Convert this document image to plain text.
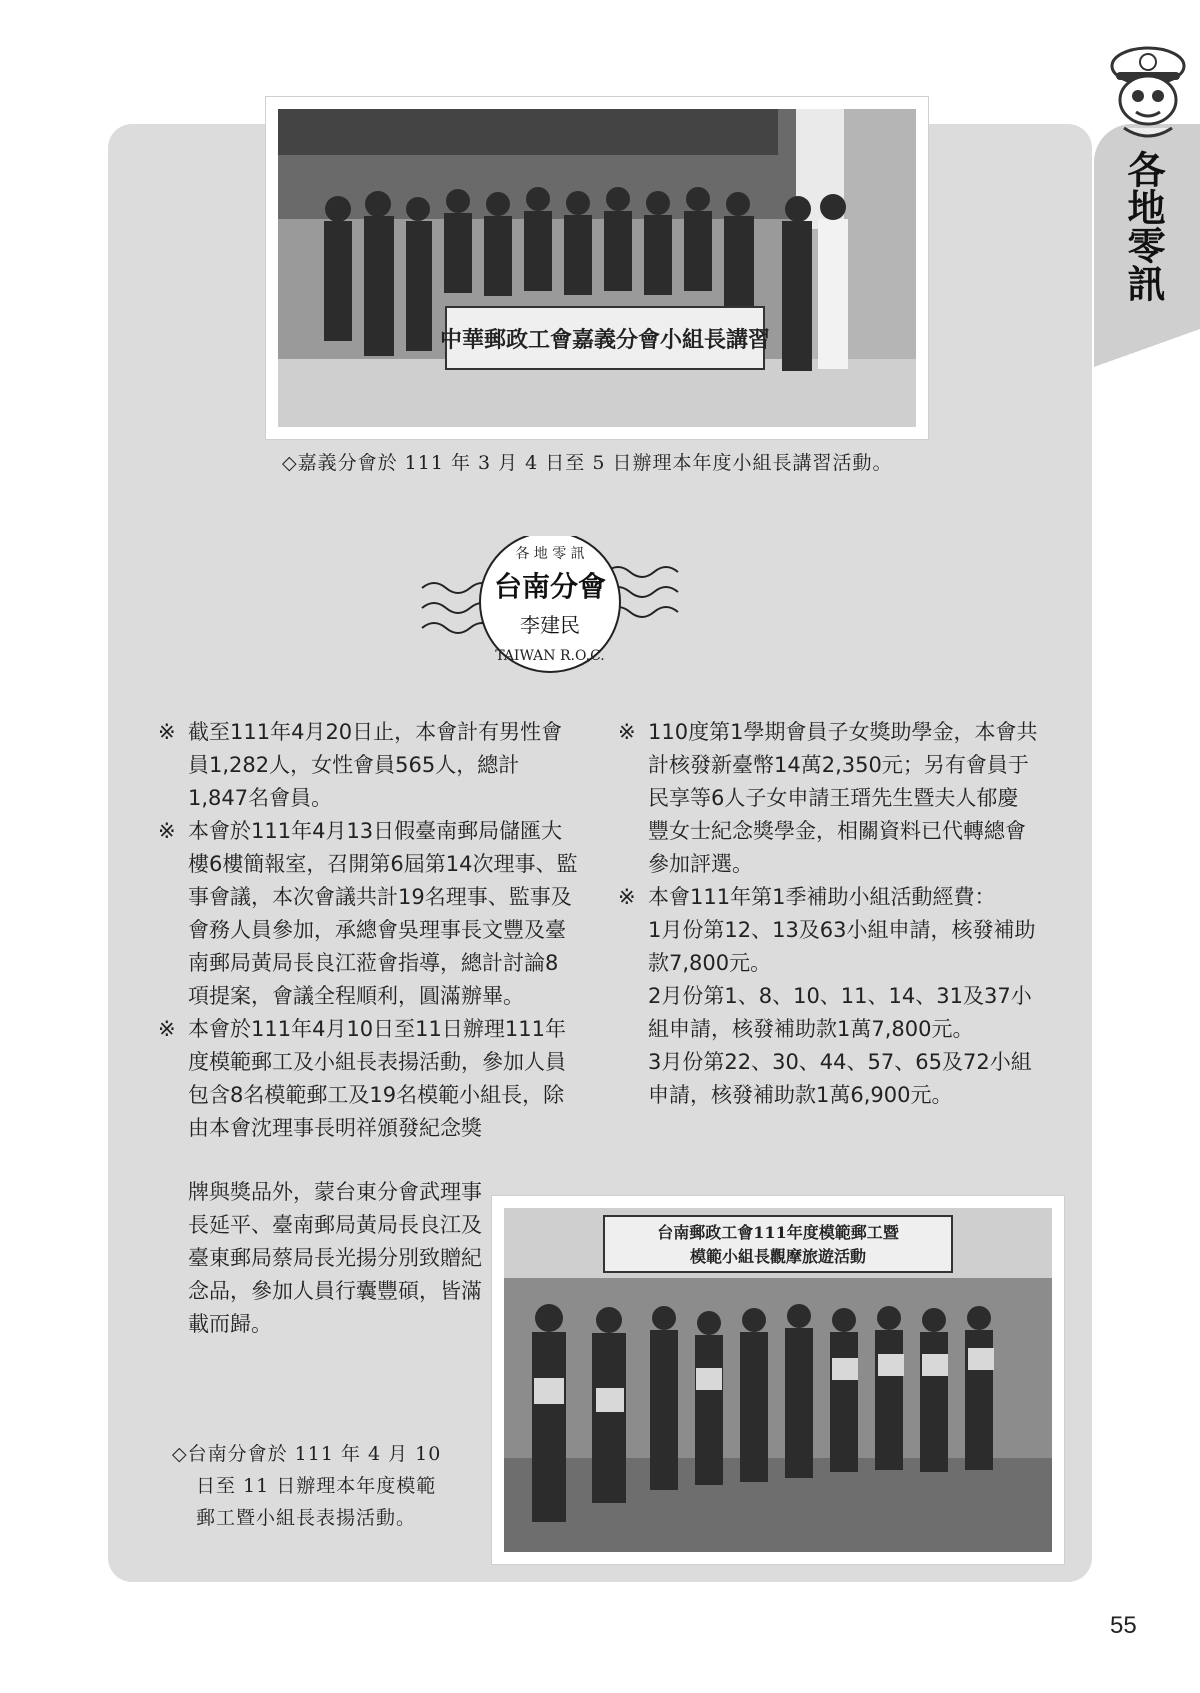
各地零訊
中華郵政工會嘉義分會小組長講習
◇嘉義分會於 111 年 3 月 4 日至 5 日辦理本年度小組長講習活動。
各 地 零 訊
台南分會
李建民
TAIWAN R.O.C.

※ 截至111年4月20日止，本會計有男性會員1,282人，女性會員565人，總計1,847名會員。

※ 本會於111年4月13日假臺南郵局儲匯大樓6樓簡報室，召開第6屆第14次理事、監事會議，本次會議共計19名理事、監事及會務人員參加，承總會吳理事長文豐及臺南郵局黃局長良江蒞會指導，總計討論8項提案，會議全程順利，圓滿辦畢。

※ 本會於111年4月10日至11日辦理111年度模範郵工及小組長表揚活動，參加人員包含8名模範郵工及19名模範小組長，除由本會沈理事長明祥頒發紀念獎

牌與獎品外，蒙台東分會武理事長延平、臺南郵局黃局長良江及臺東郵局蔡局長光揚分別致贈紀念品，參加人員行囊豐碩，皆滿載而歸。

※ 110度第1學期會員子女獎助學金，本會共計核發新臺幣14萬2,350元；另有會員于民享等6人子女申請王瑨先生暨夫人郁慶豐女士紀念獎學金，相關資料已代轉總會參加評選。

※ 本會111年第1季補助小組活動經費：

1月份第12、13及63小組申請，核發補助款7,800元。

2月份第1、8、10、11、14、31及37小組申請，核發補助款1萬7,800元。

3月份第22、30、44、57、65及72小組申請，核發補助款1萬6,900元。

台南郵政工會111年度模範郵工暨
模範小組長觀摩旅遊活動
◇台南分會於 111 年 4 月 10
日至 11 日辦理本年度模範
郵工暨小組長表揚活動。
55
